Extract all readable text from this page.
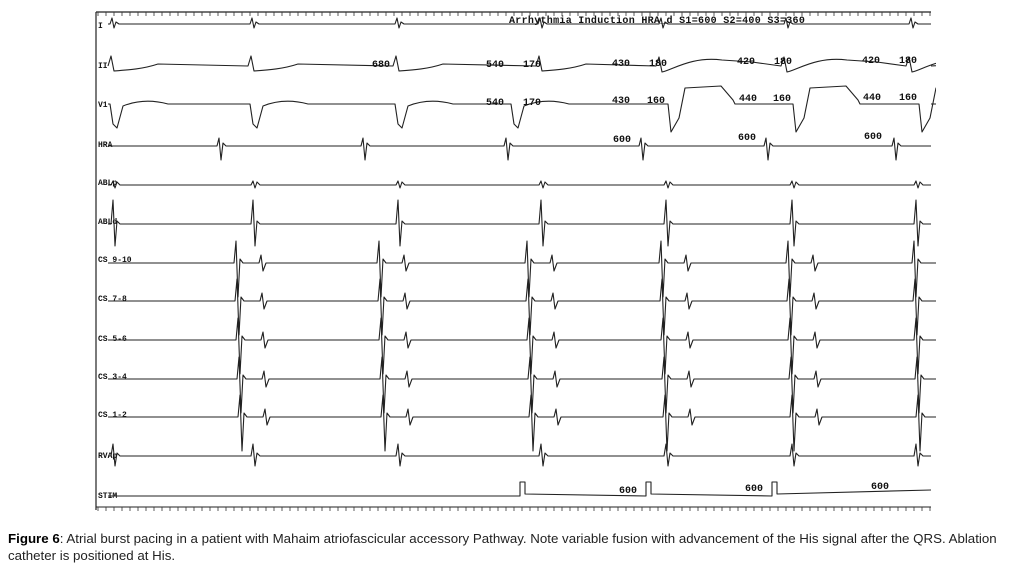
Arrhythmia Induction HRA_d S1=600 S2=400 S3=360
I
II
V1
HRA
ABLp
ABLd
CS 9-10
CS 7-8
CS 5-6
CS 3-4
CS 1-2
RVAp
STIM
680	540 170	430 180	420 180	420 180
540 170	430 160	440 160	440 160
600	600	600
600	600	600
Figure 6: Atrial burst pacing in a patient with Mahaim atriofascicular accessory Pathway. Note variable fusion with advancement of the His signal after the QRS. Ablation catheter is positioned at His.
